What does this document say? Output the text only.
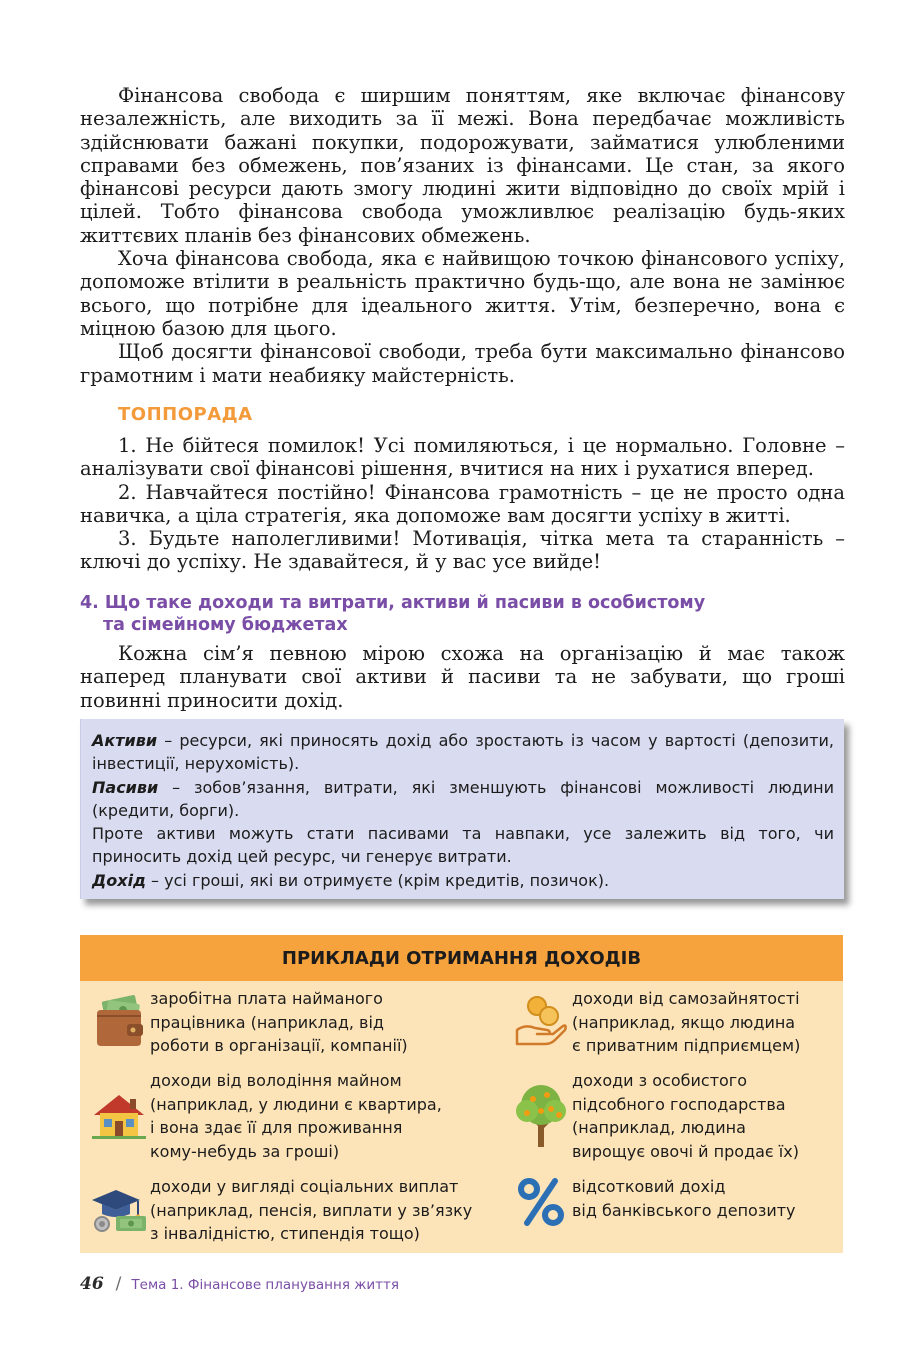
Фінансова свобода є ширшим поняттям, яке включає фінансову незалежність, але виходить за її межі. Вона передбачає можливість здійснювати бажані покупки, подорожувати, займатися улюбленими справами без обмежень, пов’язаних із фінансами. Це стан, за якого фінансові ресурси дають змогу людині жити відповідно до своїх мрій і цілей. Тобто фінансова свобода уможливлює реалізацію будь-яких життєвих планів без фінансових обмежень.

Хоча фінансова свобода, яка є найвищою точкою фінансового успіху, допоможе втілити в реальність практично будь-що, але вона не замінює всього, що потрібне для ідеального життя. Утім, безперечно, вона є міцною базою для цього.

Щоб досягти фінансової свободи, треба бути максимально фінансово грамотним і мати неабияку майстерність.

ТОППОРАДА

1. Не бійтеся помилок! Усі помиляються, і це нормально. Головне – аналізувати свої фінансові рішення, вчитися на них і рухатися вперед.

2. Навчайтеся постійно! Фінансова грамотність – це не просто одна навичка, а ціла стратегія, яка допоможе вам досягти успіху в житті.

3. Будьте наполегливими! Мотивація, чітка мета та старанність – ключі до успіху. Не здавайтеся, й у вас усе вийде!

4. Що таке доходи та витрати, активи й пасиви в особистому
та сімейному бюджетах

Кожна сім’я певною мірою схожа на організацію й має також наперед планувати свої активи й пасиви та не забувати, що гроші повинні приносити дохід.

Активи – ресурси, які приносять дохід або зростають із часом у вартості (депозити, інвестиції, нерухомість).
Пасиви – зобов’язання, витрати, які зменшують фінансові можливості людини (кредити, борги).
Проте активи можуть стати пасивами та навпаки, усе залежить від того, чи приносить дохід цей ресурс, чи генерує витрати.
Дохід – усі гроші, які ви отримуєте (крім кредитів, позичок).
ПРИКЛАДИ ОТРИМАННЯ ДОХОДІВ
заробітна плата найманого
працівника (наприклад, від
роботи в організації, компанії)
доходи від самозайнятості
(наприклад, якщо людина
є приватним підприємцем)
доходи від володіння майном
(наприклад, у людини є квартира,
і вона здає її для проживання
кому-небудь за гроші)
доходи з особистого
підсобного господарства
(наприклад, людина
вирощує овочі й продає їх)
доходи у вигляді соціальних виплат
(наприклад, пенсія, виплати у зв’язку
з інвалідністю, стипендія тощо)
відсотковий дохід
від банківського депозиту
46 / Тема 1. Фінансове планування життя
